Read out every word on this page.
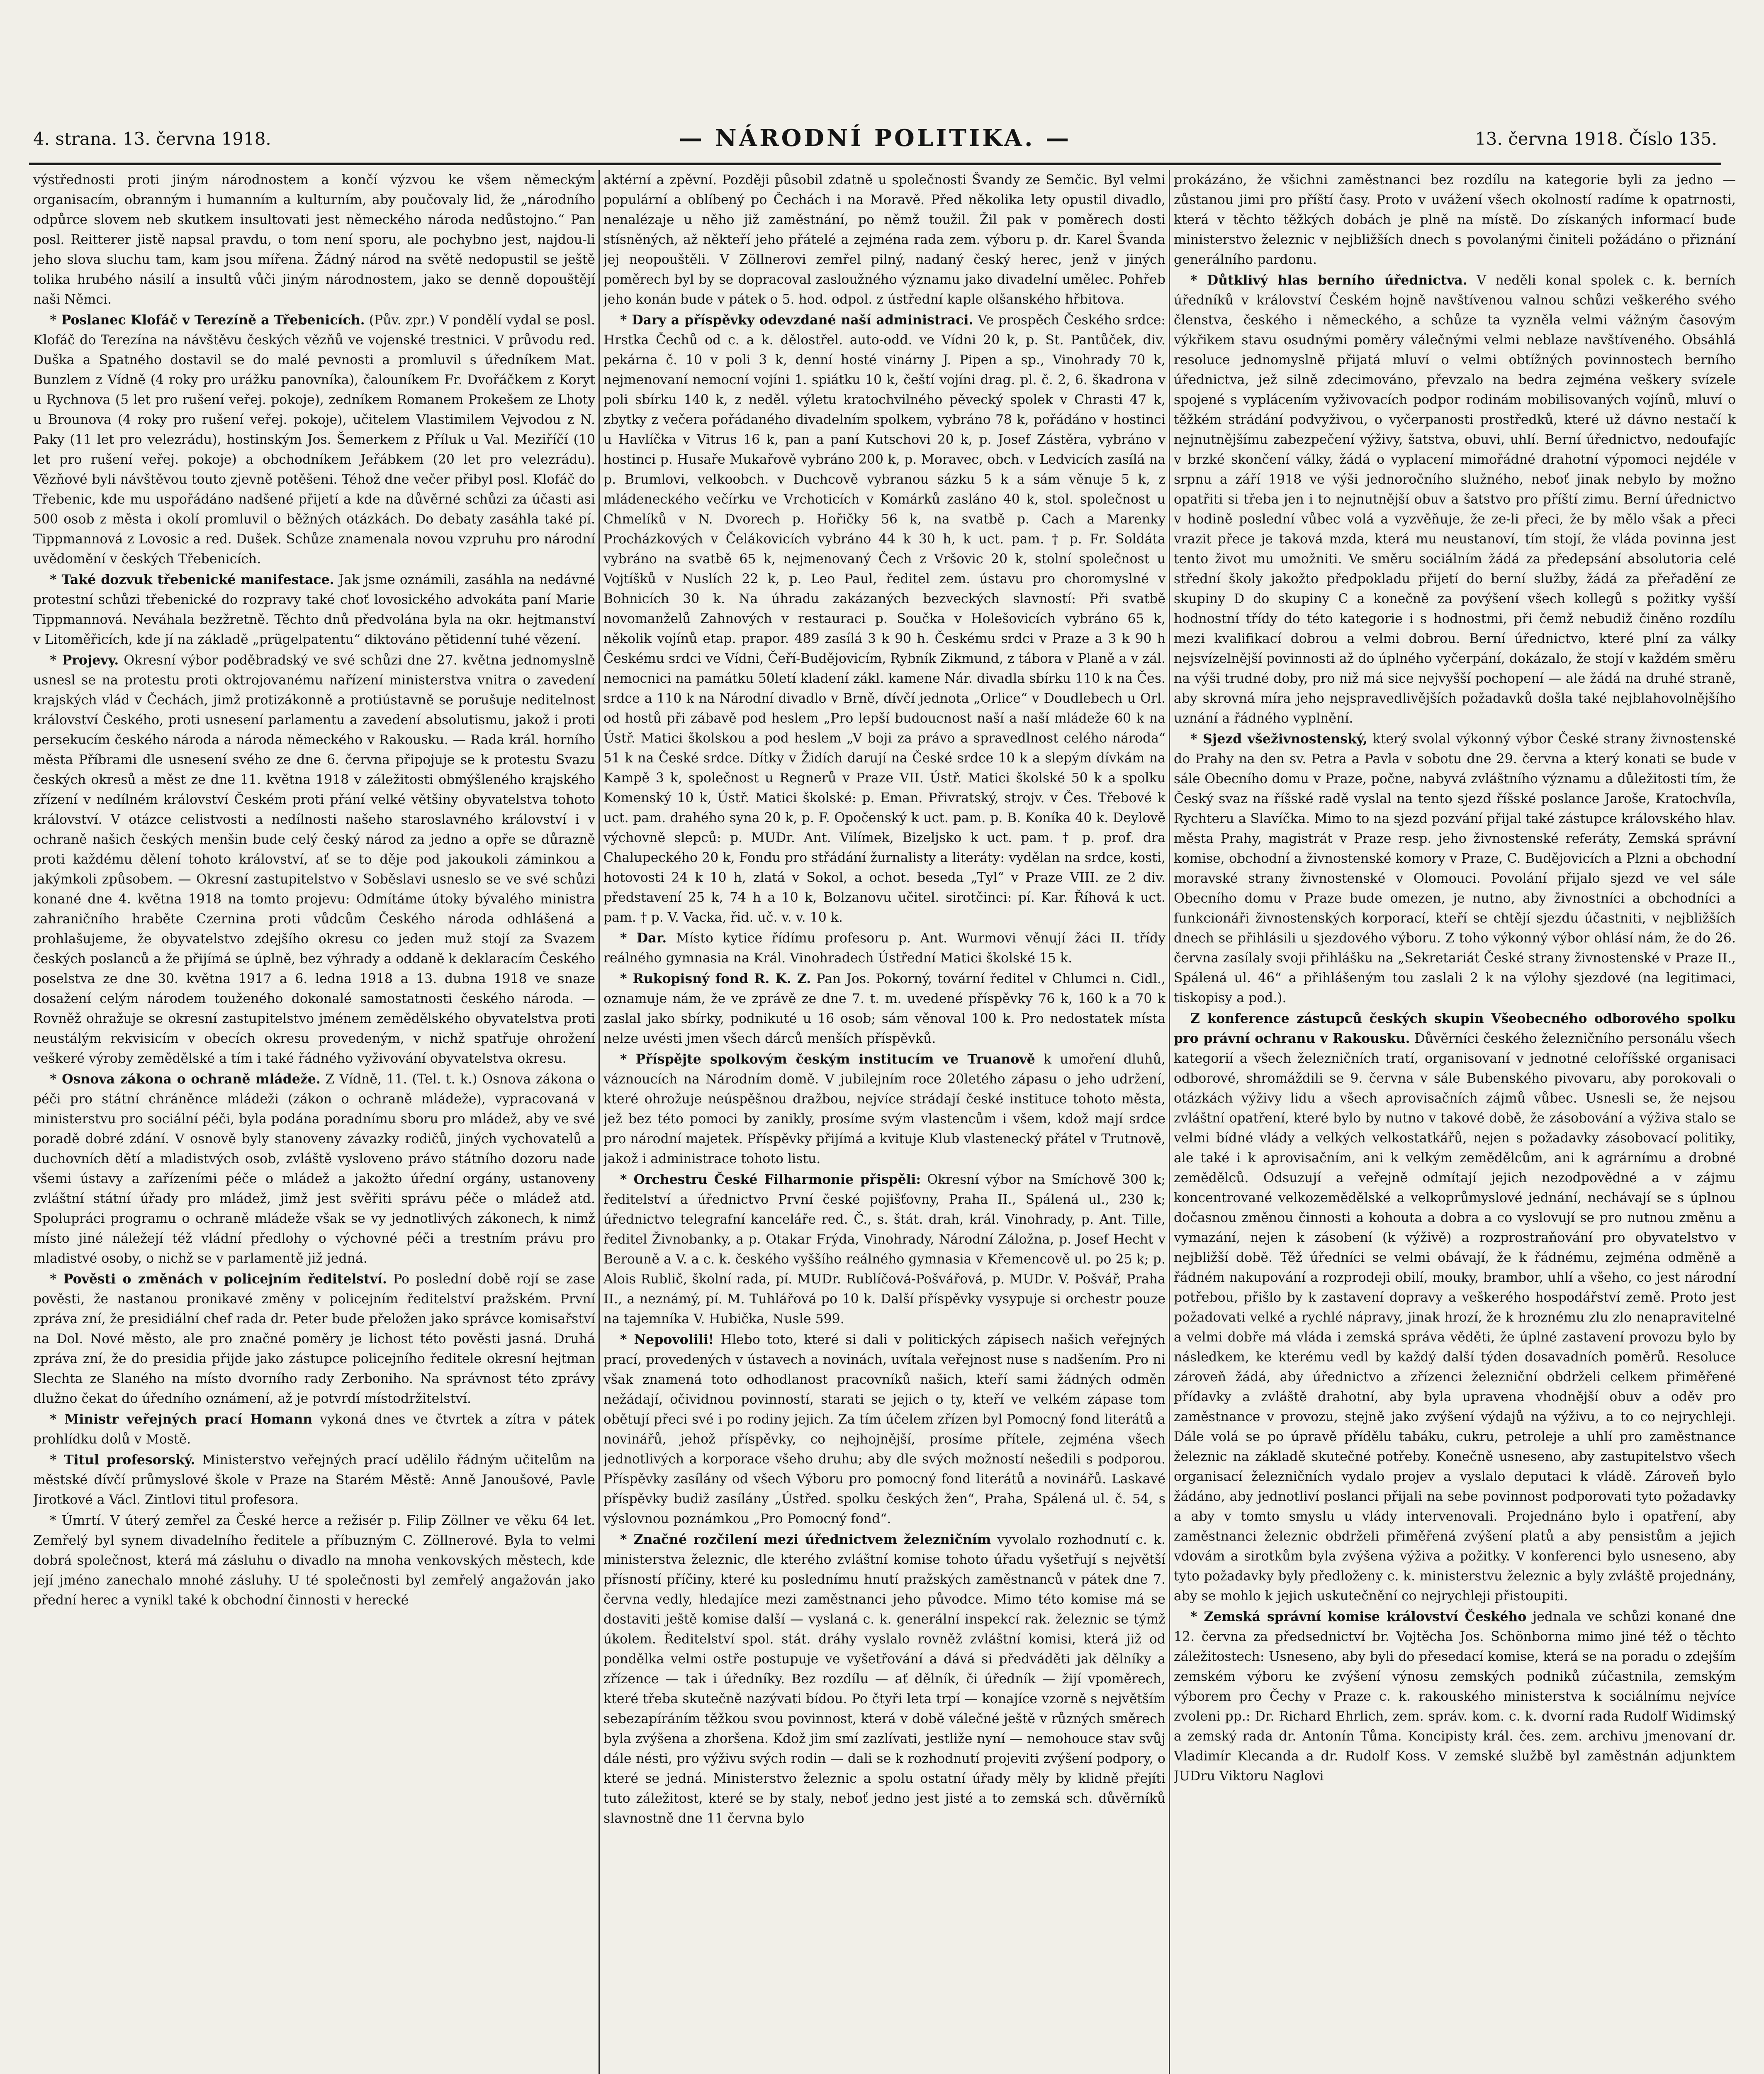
4. strana. 13. června 1918.	— NÁRODNÍ POLITIKA. —	13. června 1918. Číslo 135.

výstřednosti proti jiným národnostem a končí výzvou ke všem německým organisacím, obranným i humanním a kulturním, aby poučovaly lid, že „národního odpůrce slovem neb skutkem insultovati jest německého národa nedůstojno.“ Pan posl. Reitterer jistě napsal pravdu, o tom není sporu, ale pochybno jest, najdou-li jeho slova sluchu tam, kam jsou mířena. Žádný národ na světě nedopustil se ještě tolika hrubého násilí a insultů vůči jiným národnostem, jako se denně dopouštějí naši Němci.

* Poslanec Klofáč v Terezíně a Třebenicích. (Pův. zpr.) V pondělí vydal se posl. Klofáč do Terezína na návštěvu českých vězňů ve vojenské trestnici. V průvodu red. Duška a Spatného dostavil se do malé pevnosti a promluvil s úředníkem Mat. Bunzlem z Vídně (4 roky pro urážku panovníka), čalouníkem Fr. Dvořáčkem z Koryt u Rychnova (5 let pro rušení veřej. pokoje), zedníkem Romanem Prokešem ze Lhoty u Brounova (4 roky pro rušení veřej. pokoje), učitelem Vlastimilem Vejvodou z N. Paky (11 let pro velezrádu), hostinským Jos. Šemerkem z Příluk u Val. Meziříčí (10 let pro rušení veřej. pokoje) a obchodníkem Jeřábkem (20 let pro velezrádu). Vězňové byli návštěvou touto zjevně potěšeni. Téhož dne večer přibyl posl. Klofáč do Třebenic, kde mu uspořádáno nadšené přijetí a kde na důvěrné schůzi za účasti asi 500 osob z města i okolí promluvil o běžných otázkách. Do debaty zasáhla také pí. Tippmannová z Lovosic a red. Dušek. Schůze znamenala novou vzpruhu pro národní uvědomění v českých Třebenicích.

* Také dozvuk třebenické manifestace. Jak jsme oznámili, zasáhla na nedávné protestní schůzi třebenické do rozpravy také choť lovosického advokáta paní Marie Tippmannová. Neváhala bezžretně. Těchto dnů předvolána byla na okr. hejtmanství v Litoměřicích, kde jí na základě „prügelpatentu“ diktováno pětidenní tuhé vězení.

* Projevy. Okresní výbor poděbradský ve své schůzi dne 27. května jednomyslně usnesl se na protestu proti oktrojovanému nařízení ministerstva vnitra o zavedení krajských vlád v Čechách, jimž protizákonně a protiústavně se porušuje neditelnost království Českého, proti usnesení parlamentu a zavedení absolutismu, jakož i proti persekucím českého národa a národa německého v Rakousku. — Rada král. horního města Příbrami dle usnesení svého ze dne 6. června připojuje se k protestu Svazu českých okresů a měst ze dne 11. května 1918 v záležitosti obmýšleného krajského zřízení v nedílném království Českém proti přání velké většiny obyvatelstva tohoto království. V otázce celistvosti a nedílnosti našeho staroslavného království i v ochraně našich českých menšin bude celý český národ za jedno a opře se důrazně proti každému dělení tohoto království, ať se to děje pod jakoukoli záminkou a jakýmkoli způsobem. — Okresní zastupitelstvo v Soběslavi usneslo se ve své schůzi konané dne 4. května 1918 na tomto projevu: Odmítáme útoky bývalého ministra zahraničního hraběte Czernina proti vůdcům Českého národa odhlášená a prohlašujeme, že obyvatelstvo zdejšího okresu co jeden muž stojí za Svazem českých poslanců a že přijímá se úplně, bez výhrady a oddaně k deklaracím Českého poselstva ze dne 30. května 1917 a 6. ledna 1918 a 13. dubna 1918 ve snaze dosažení celým národem touženého dokonalé samostatnosti českého národa. — Rovněž ohražuje se okresní zastupitelstvo jménem zemědělského obyvatelstva proti neustálým rekvisicím v obecích okresu provedeným, v nichž spatřuje ohrožení veškeré výroby zemědělské a tím i také řádného vyživování obyvatelstva okresu.

* Osnova zákona o ochraně mládeže. Z Vídně, 11. (Tel. t. k.) Osnova zákona o péči pro státní chráněnce mládeži (zákon o ochraně mládeže), vypracovaná v ministerstvu pro sociální péči, byla podána poradnímu sboru pro mládež, aby ve své poradě dobré zdání. V osnově byly stanoveny závazky rodičů, jiných vychovatelů a duchovních dětí a mladistvých osob, zvláště vysloveno právo státního dozoru nade všemi ústavy a zařízeními péče o mládež a jakožto úřední orgány, ustanoveny zvláštní státní úřady pro mládež, jimž jest svěřiti správu péče o mládež atd. Spolupráci programu o ochraně mládeže však se vy jednotlivých zákonech, k nimž místo jiné náležejí též vládní předlohy o výchovné péči a trestním právu pro mladistvé osoby, o nichž se v parlamentě již jedná.

* Pověsti o změnách v policejním ředitelství. Po poslední době rojí se zase pověsti, že nastanou pronikavé změny v policejním ředitelství pražském. První zpráva zní, že presidiální chef rada dr. Peter bude přeložen jako správce komisařství na Dol. Nové město, ale pro značné poměry je lichost této pověsti jasná. Druhá zpráva zní, že do presidia přijde jako zástupce policejního ředitele okresní hejtman Slechta ze Slaného na místo dvorního rady Zerboniho. Na správnost této zprávy dlužno čekat do úředního oznámení, až je potvrdí místodržitelství.

* Ministr veřejných prací Homann vykoná dnes ve čtvrtek a zítra v pátek prohlídku dolů v Mostě.

* Titul profesorský. Ministerstvo veřejných prací udělilo řádným učitelům na městské dívčí průmyslové škole v Praze na Starém Městě: Anně Janoušové, Pavle Jirotkové a Václ. Zintlovi titul profesora.

* Úmrtí. V úterý zemřel za České herce a režisér p. Filip Zöllner ve věku 64 let. Zemřelý byl synem divadelního ředitele a příbuzným C. Zöllnerové. Byla to velmi dobrá společnost, která má zásluhu o divadlo na mnoha venkovských městech, kde její jméno zanechalo mnohé zásluhy. U té společnosti byl zemřelý angažován jako přední herec a vynikl také k obchodní činnosti v herecké

aktérní a zpěvní. Později působil zdatně u společnosti Švandy ze Semčic. Byl velmi populární a oblíbený po Čechách i na Moravě. Před několika lety opustil divadlo, nenalézaje u něho již zaměstnání, po němž toužil. Žil pak v poměrech dosti stísněných, až někteří jeho přátelé a zejména rada zem. výboru p. dr. Karel Švanda jej neopouštěli. V Zöllnerovi zemřel pilný, nadaný český herec, jenž v jiných poměrech byl by se dopracoval zasloužného významu jako divadelní umělec. Pohřeb jeho konán bude v pátek o 5. hod. odpol. z ústřední kaple olšanského hřbitova.

* Dary a příspěvky odevzdané naší administraci. Ve prospěch Českého srdce: Hrstka Čechů od c. a k. dělostřel. auto-odd. ve Vídni 20 k, p. St. Pantůček, div. pekárna č. 10 v poli 3 k, denní hosté vinárny J. Pipen a sp., Vinohrady 70 k, nejmenovaní nemocní vojíni 1. spiátku 10 k, čeští vojíni drag. pl. č. 2, 6. škadrona v poli sbírku 140 k, z neděl. výletu kratochvilného pěvecký spolek v Chrasti 47 k, zbytky z večera pořádaného divadelním spolkem, vybráno 78 k, pořádáno v hostinci u Havlíčka v Vitrus 16 k, pan a paní Kutschovi 20 k, p. Josef Zástěra, vybráno v hostinci p. Husaře Mukařově vybráno 200 k, p. Moravec, obch. v Ledvicích zasílá na p. Brumlovi, velkoobch. v Duchcově vybranou sázku 5 k a sám věnuje 5 k, z mládeneckého večírku ve Vrchoticích v Komárků zasláno 40 k, stol. společnost u Chmelíků v N. Dvorech p. Hořičky 56 k, na svatbě p. Cach a Marenky Procházkových v Čelákovicích vybráno 44 k 30 h, k uct. pam. † p. Fr. Soldáta vybráno na svatbě 65 k, nejmenovaný Čech z Vršovic 20 k, stolní společnost u Vojtíšků v Nuslích 22 k, p. Leo Paul, ředitel zem. ústavu pro choromyslné v Bohnicích 30 k. Na úhradu zakázaných bezveckých slavností: Při svatbě novomanželů Zahnových v restauraci p. Součka v Holešovicích vybráno 65 k, několik vojínů etap. prapor. 489 zasílá 3 k 90 h. Českému srdci v Praze a 3 k 90 h Českému srdci ve Vídni, Čeří-Budějovicím, Rybník Zikmund, z tábora v Planě a v zál. nemocnici na památku 50letí kladení zákl. kamene Nár. divadla sbírku 110 k na Čes. srdce a 110 k na Národní divadlo v Brně, dívčí jednota „Orlice“ v Doudlebech u Orl. od hostů při zábavě pod heslem „Pro lepší budoucnost naší a naší mládeže 60 k na Ústř. Matici školskou a pod heslem „V boji za právo a spravedlnost celého národa“ 51 k na České srdce. Dítky v Židích darují na České srdce 10 k a slepým dívkám na Kampě 3 k, společnost u Regnerů v Praze VII. Ústř. Matici školské 50 k a spolku Komenský 10 k, Ústř. Matici školské: p. Eman. Přivratský, strojv. v Čes. Třebové k uct. pam. drahého syna 20 k, p. F. Opočenský k uct. pam. p. B. Koníka 40 k. Deylově výchovně slepců: p. MUDr. Ant. Vilímek, Bizeljsko k uct. pam. † p. prof. dra Chalupeckého 20 k, Fondu pro střádání žurnalisty a literáty: vydělan na srdce, kosti, hotovosti 24 k 10 h, zlatá v Sokol, a ochot. beseda „Tyl“ v Praze VIII. ze 2 div. představení 25 k, 74 h a 10 k, Bolzanovu učitel. sirotčinci: pí. Kar. Říhová k uct. pam. † p. V. Vacka, řid. uč. v. v. 10 k.

* Dar. Místo kytice řídímu profesoru p. Ant. Wurmovi věnují žáci II. třídy reálného gymnasia na Král. Vinohradech Ústřední Matici školské 15 k.

* Rukopisný fond R. K. Z. Pan Jos. Pokorný, tovární ředitel v Chlumci n. Cidl., oznamuje nám, že ve zprávě ze dne 7. t. m. uvedené příspěvky 76 k, 160 k a 70 k zaslal jako sbírky, podnikuté u 16 osob; sám věnoval 100 k. Pro nedostatek místa nelze uvésti jmen všech dárců menších příspěvků.

* Příspějte spolkovým českým institucím ve Truanově k umoření dluhů, váznoucích na Národním domě. V jubilejním roce 20letého zápasu o jeho udržení, které ohrožuje neúspěšnou dražbou, nejvíce strádají české instituce tohoto města, jež bez této pomoci by zanikly, prosíme svým vlastencům i všem, kdož mají srdce pro národní majetek. Příspěvky přijímá a kvituje Klub vlastenecký přátel v Trutnově, jakož i administrace tohoto listu.

* Orchestru České Filharmonie přispěli: Okresní výbor na Smíchově 300 k; ředitelství a úřednictvo První české pojišťovny, Praha II., Spálená ul., 230 k; úřednictvo telegrafní kanceláře red. Č., s. štát. drah, král. Vinohrady, p. Ant. Tille, ředitel Živnobanky, a p. Otakar Frýda, Vinohrady, Národní Záložna, p. Josef Hecht v Berouně a V. a c. k. českého vyššího reálného gymnasia v Křemencově ul. po 25 k; p. Alois Rublič, školní rada, pí. MUDr. Rublíčová-Pošvářová, p. MUDr. V. Pošvář, Praha II., a neznámý, pí. M. Tuhlářová po 10 k. Další příspěvky vysypuje si orchestr pouze na tajemníka V. Hubička, Nusle 599.

* Nepovolili! Hlebo toto, které si dali v politických zápisech našich veřejných prací, provedených v ústavech a novinách, uvítala veřejnost nuse s nadšením. Pro ni však znamená toto odhodlanost pracovníků našich, kteří sami žádných odměn nežádají, očividnou povinností, starati se jejich o ty, kteří ve velkém zápase tom obětují přeci své i po rodiny jejich. Za tím účelem zřízen byl Pomocný fond literátů a novinářů, jehož příspěvky, co nejhojnější, prosíme přítele, zejména všech jednotlivých a korporace všeho druhu; aby dle svých možností nešedili s podporou. Příspěvky zasílány od všech Výboru pro pomocný fond literátů a novinářů. Laskavé příspěvky budiž zasílány „Ústřed. spolku českých žen“, Praha, Spálená ul. č. 54, s výslovnou poznámkou „Pro Pomocný fond“.

* Značné rozčilení mezi úřednictvem železničním vyvolalo rozhodnutí c. k. ministerstva železnic, dle kterého zvláštní komise tohoto úřadu vyšetřují s největší přísností příčiny, které ku poslednímu hnutí pražských zaměstnanců v pátek dne 7. června vedly, hledajíce mezi zaměstnanci jeho původce. Mimo této komise má se dostaviti ještě komise další — vyslaná c. k. generální inspekcí rak. železnic se týmž úkolem. Ředitelství spol. stát. dráhy vyslalo rovněž zvláštní komisi, která již od pondělka velmi ostře postupuje ve vyšetřování a dává si předváděti jak dělníky a zřízence — tak i úředníky. Bez rozdílu — ať dělník, či úředník — žijí vpoměrech, které třeba skutečně nazývati bídou. Po čtyři leta trpí — konajíce vzorně s největším sebezapíráním těžkou svou povinnost, která v době válečné ještě v různých směrech byla zvýšena a zhoršena. Kdož jim smí zazlívati, jestliže nyní — nemohouce stav svůj dále nésti, pro výživu svých rodin — dali se k rozhodnutí projeviti zvýšení podpory, o které se jedná. Ministerstvo železnic a spolu ostatní úřady měly by klidně přejíti tuto záležitost, které se by staly, neboť jedno jest jisté a to zemská sch. důvěrníků slavnostně dne 11 června bylo

prokázáno, že všichni zaměstnanci bez rozdílu na kategorie byli za jedno — zůstanou jimi pro příští časy. Proto v uvážení všech okolností radíme k opatrnosti, která v těchto těžkých dobách je plně na místě. Do získaných informací bude ministerstvo železnic v nejbližších dnech s povolanými činiteli požádáno o přiznání generálního pardonu.

* Důtklivý hlas berního úřednictva. V neděli konal spolek c. k. berních úředníků v království Českém hojně navštívenou valnou schůzi veškerého svého členstva, českého i německého, a schůze ta vyzněla velmi vážným časovým výkřikem stavu osudnými poměry válečnými velmi neblaze navštíveného. Obsáhlá resoluce jednomyslně přijatá mluví o velmi obtížných povinnostech berního úřednictva, jež silně zdecimováno, převzalo na bedra zejména veškery svízele spojené s vyplácením vyživovacích podpor rodinám mobilisovaných vojínů, mluví o těžkém strádání podvyživou, o vyčerpanosti prostředků, které už dávno nestačí k nejnutnějšímu zabezpečení výživy, šatstva, obuvi, uhlí. Berní úřednictvo, nedoufajíc v brzké skončení války, žádá o vyplacení mimořádné drahotní výpomoci nejdéle v srpnu a září 1918 ve výši jednoročního služného, neboť jinak nebylo by možno opatřiti si třeba jen i to nejnutnější obuv a šatstvo pro příští zimu. Berní úřednictvo v hodině poslední vůbec volá a vyzvěňuje, že ze-li přeci, že by mělo však a přeci vrazit přece je taková mzda, která mu neustanoví, tím stojí, že vláda povinna jest tento život mu umožniti. Ve směru sociálním žádá za předepsání absolutoria celé střední školy jakožto předpokladu přijetí do berní služby, žádá za přeřadění ze skupiny D do skupiny C a konečně za povýšení všech kollegů s požitky vyšší hodnostní třídy do této kategorie i s hodnostmi, při čemž nebudiž činěno rozdílu mezi kvalifikací dobrou a velmi dobrou. Berní úřednictvo, které plní za války nejsvízelnější povinnosti až do úplného vyčerpání, dokázalo, že stojí v každém směru na výši trudné doby, pro niž má sice nejvyšší pochopení — ale žádá na druhé straně, aby skrovná míra jeho nejspravedlivějších požadavků došla také nejblahovolnějšího uznání a řádného vyplnění.

* Sjezd všeživnostenský, který svolal výkonný výbor České strany živnostenské do Prahy na den sv. Petra a Pavla v sobotu dne 29. června a který konati se bude v sále Obecního domu v Praze, počne, nabyvá zvláštního významu a důležitosti tím, že Český svaz na říšské radě vyslal na tento sjezd říšské poslance Jaroše, Kratochvíla, Rychteru a Slavíčka. Mimo to na sjezd pozvání přijal také zástupce královského hlav. města Prahy, magistrát v Praze resp. jeho živnostenské referáty, Zemská správní komise, obchodní a živnostenské komory v Praze, C. Budějovicích a Plzni a obchodní moravské strany živnostenské v Olomouci. Povolání přijalo sjezd ve vel sále Obecního domu v Praze bude omezen, je nutno, aby živnostníci a obchodníci a funkcionáři živnostenských korporací, kteří se chtějí sjezdu účastniti, v nejbližších dnech se přihlásili u sjezdového výboru. Z toho výkonný výbor ohlásí nám, že do 26. června zasílaly svoji přihlášku na „Sekretariát České strany živnostenské v Praze II., Spálená ul. 46“ a přihlášeným tou zaslali 2 k na výlohy sjezdové (na legitimaci, tiskopisy a pod.).

Z konference zástupců českých skupin Všeobecného odborového spolku pro právní ochranu v Rakousku. Důvěrníci českého železničního personálu všech kategorií a všech železničních tratí, organisovaní v jednotné celoříšské organisaci odborové, shromáždili se 9. června v sále Bubenského pivovaru, aby porokovali o otázkách výživy lidu a všech aprovisačních zájmů vůbec. Usnesli se, že nejsou zvláštní opatření, které bylo by nutno v takové době, že zásobování a výživa stalo se velmi bídné vlády a velkých velkostatkářů, nejen s požadavky zásobovací politiky, ale také i k aprovisačním, ani k velkým zemědělcům, ani k agrárnímu a drobné zemědělců. Odsuzují a veřejně odmítají jejich nezodpovědné a v zájmu koncentrované velkozemědělské a velkoprůmyslové jednání, nechávají se s úplnou dočasnou změnou činnosti a kohouta a dobra a co vyslovují se pro nutnou změnu a vymazání, nejen k zásobení (k výživě) a rozprostraňování pro obyvatelstvo v nejbližší době. Těž úředníci se velmi obávají, že k řádnému, zejména odměně a řádném nakupování a rozprodeji obilí, mouky, brambor, uhlí a všeho, co jest národní potřebou, přišlo by k zastavení dopravy a veškerého hospodářství země. Proto jest požadovati velké a rychlé nápravy, jinak hrozí, že k hroznému zlu zlo nenapravitelné a velmi dobře má vláda i zemská správa věděti, že úplné zastavení provozu bylo by následkem, ke kterému vedl by každý další týden dosavadních poměrů. Resoluce zároveň žádá, aby úřednictvo a zřízenci železniční obdrželi celkem přiměřené přídavky a zvláště drahotní, aby byla upravena vhodnější obuv a oděv pro zaměstnance v provozu, stejně jako zvýšení výdajů na výživu, a to co nejrychleji. Dále volá se po úpravě přídělu tabáku, cukru, petroleje a uhlí pro zaměstnance železnic na základě skutečné potřeby. Konečně usneseno, aby zastupitelstvo všech organisací železničních vydalo projev a vyslalo deputaci k vládě. Zároveň bylo žádáno, aby jednotliví poslanci přijali na sebe povinnost podporovati tyto požadavky a aby v tomto smyslu u vlády intervenovali. Projednáno bylo i opatření, aby zaměstnanci železnic obdrželi přiměřená zvýšení platů a aby pensistům a jejich vdovám a sirotkům byla zvýšena výživa a požitky. V konferenci bylo usneseno, aby tyto požadavky byly předloženy c. k. ministerstvu železnic a byly zvláště projednány, aby se mohlo k jejich uskutečnění co nejrychleji přistoupiti.

* Zemská správní komise království Českého jednala ve schůzi konané dne 12. června za předsednictví br. Vojtěcha Jos. Schönborna mimo jiné též o těchto záležitostech: Usneseno, aby byli do přesedací komise, která se na poradu o zdejším zemském výboru ke zvýšení výnosu zemských podniků zúčastnila, zemským výborem pro Čechy v Praze c. k. rakouského ministerstva k sociálnímu nejvíce zvoleni pp.: Dr. Richard Ehrlich, zem. správ. kom. c. k. dvorní rada Rudolf Widimský a zemský rada dr. Antonín Tůma. Koncipisty král. čes. zem. archivu jmenovaní dr. Vladimír Klecanda a dr. Rudolf Koss. V zemské službě byl zaměstnán adjunktem JUDru Viktoru Naglovi
